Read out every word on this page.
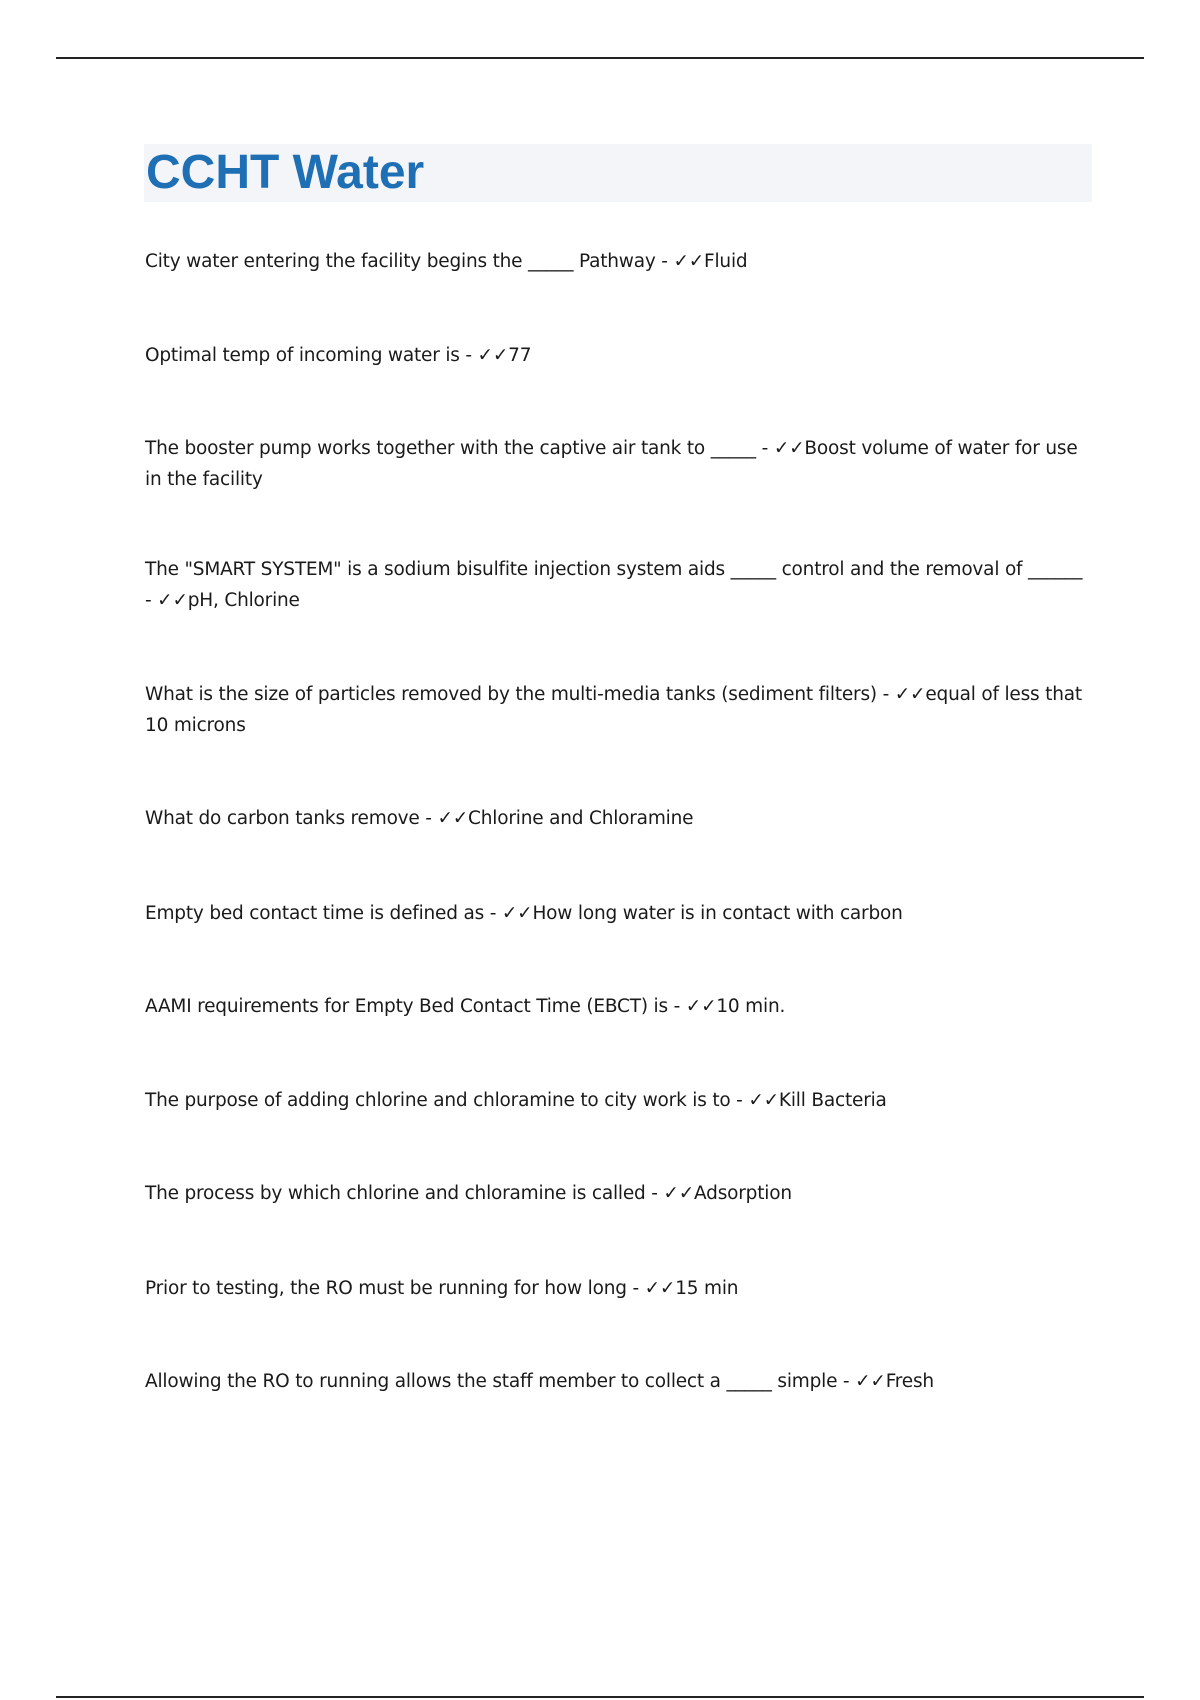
CCHT Water
City water entering the facility begins the _____ Pathway - ✓✓Fluid
Optimal temp of incoming water is - ✓✓77
The booster pump works together with the captive air tank to _____ - ✓✓Boost volume of water for use in the facility
The "SMART SYSTEM" is a sodium bisulfite injection system aids _____ control and the removal of ______ - ✓✓pH, Chlorine
What is the size of particles removed by the multi-media tanks (sediment filters) - ✓✓equal of less that 10 microns
What do carbon tanks remove - ✓✓Chlorine and Chloramine
Empty bed contact time is defined as - ✓✓How long water is in contact with carbon
AAMI requirements for Empty Bed Contact Time (EBCT) is - ✓✓10 min.
The purpose of adding chlorine and chloramine to city work is to - ✓✓Kill Bacteria
The process by which chlorine and chloramine is called - ✓✓Adsorption
Prior to testing, the RO must be running for how long - ✓✓15 min
Allowing the RO to running allows the staff member to collect a _____ simple - ✓✓Fresh
